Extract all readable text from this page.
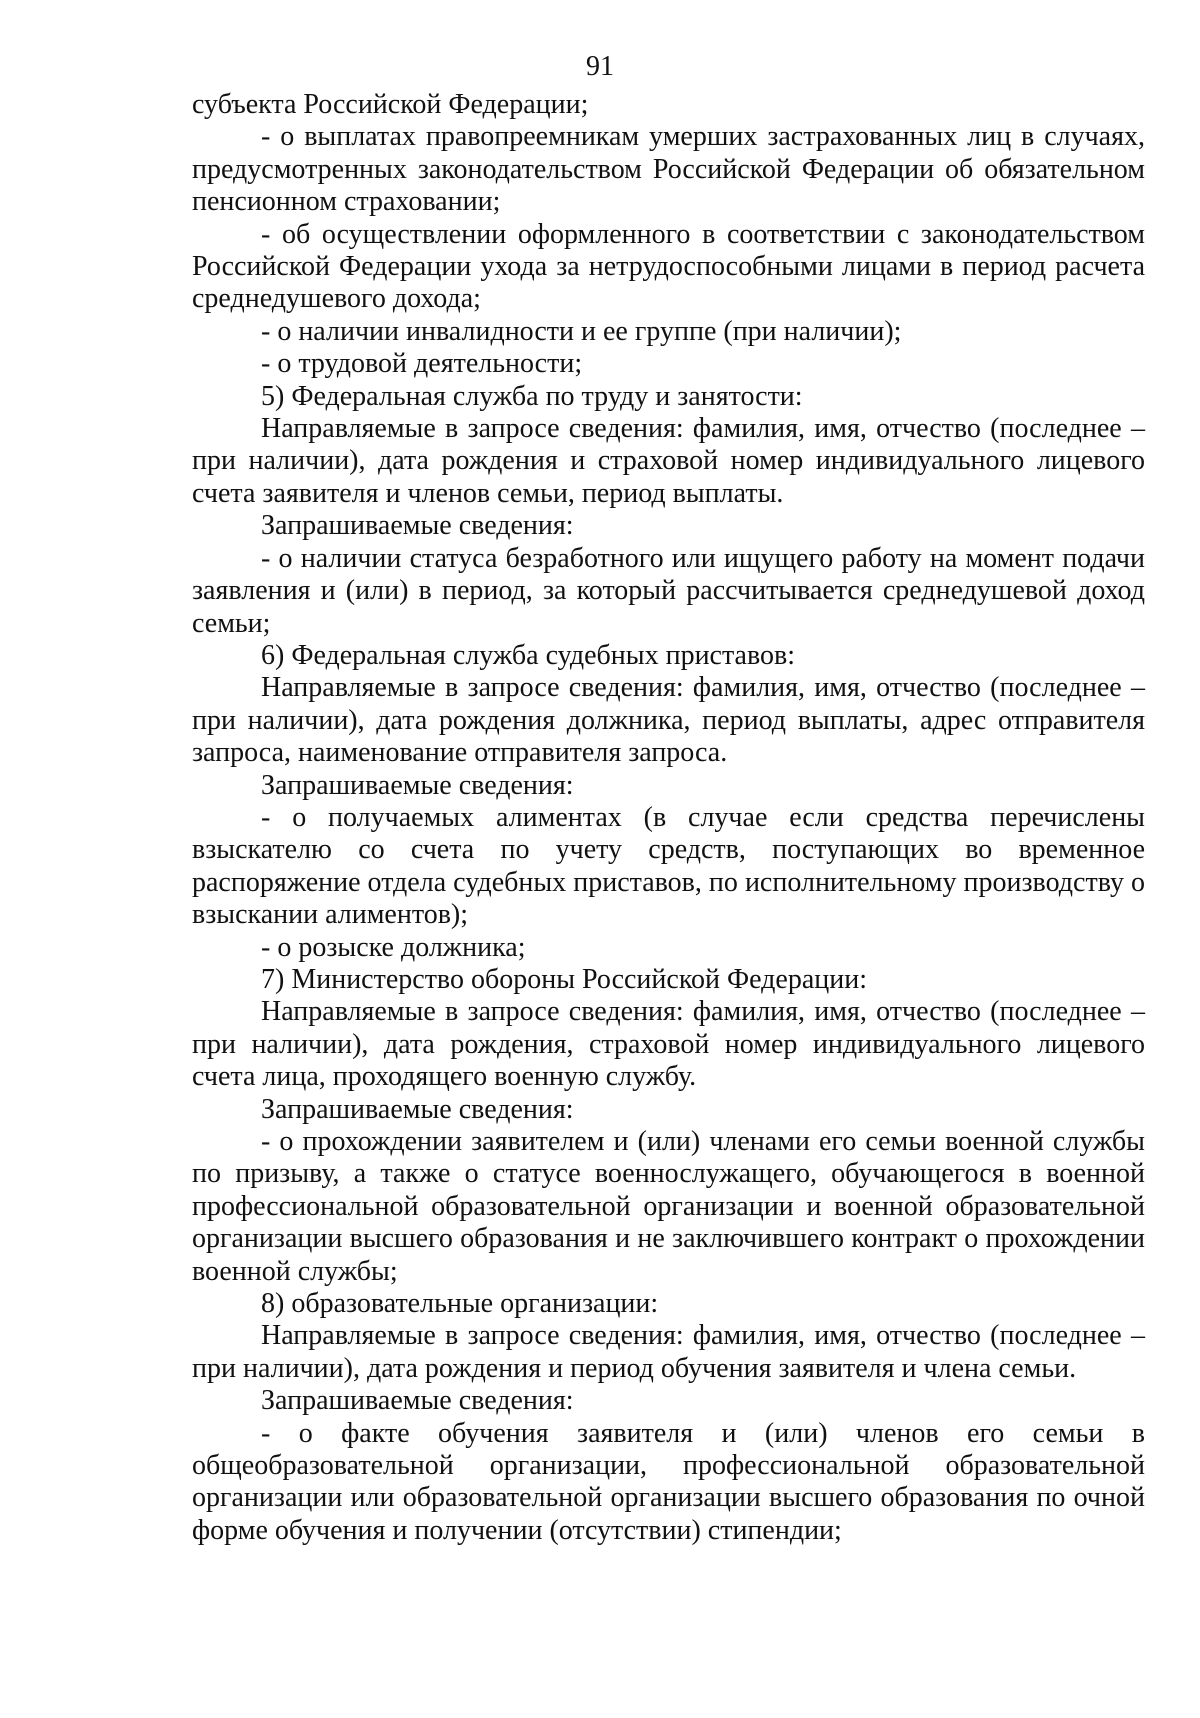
91

субъекта Российской Федерации;

- о выплатах правопреемникам умерших застрахованных лиц в случаях, предусмотренных законодательством Российской Федерации об обязательном пенсионном страховании;

- об осуществлении оформленного в соответствии с законодательством Российской Федерации ухода за нетрудоспособными лицами в период расчета среднедушевого дохода;

- о наличии инвалидности и ее группе (при наличии);

- о трудовой деятельности;

5) Федеральная служба по труду и занятости:

Направляемые в запросе сведения: фамилия, имя, отчество (последнее – при наличии), дата рождения и страховой номер индивидуального лицевого счета заявителя и членов семьи, период выплаты.

Запрашиваемые сведения:

- о наличии статуса безработного или ищущего работу на момент подачи заявления и (или) в период, за который рассчитывается среднедушевой доход семьи;

6) Федеральная служба судебных приставов:

Направляемые в запросе сведения: фамилия, имя, отчество (последнее – при наличии), дата рождения должника, период выплаты, адрес отправителя запроса, наименование отправителя запроса.

Запрашиваемые сведения:

- о получаемых алиментах (в случае если средства перечислены взыскателю со счета по учету средств, поступающих во временное распоряжение отдела судебных приставов, по исполнительному производству о взыскании алиментов);

- о розыске должника;

7) Министерство обороны Российской Федерации:

Направляемые в запросе сведения: фамилия, имя, отчество (последнее – при наличии), дата рождения, страховой номер индивидуального лицевого счета лица, проходящего военную службу.

Запрашиваемые сведения:

- о прохождении заявителем и (или) членами его семьи военной службы по призыву, а также о статусе военнослужащего, обучающегося в военной профессиональной образовательной организации и военной образовательной организации высшего образования и не заключившего контракт о прохождении военной службы;

8) образовательные организации:

Направляемые в запросе сведения: фамилия, имя, отчество (последнее – при наличии), дата рождения и период обучения заявителя и члена семьи.

Запрашиваемые сведения:

- о факте обучения заявителя и (или) членов его семьи в общеобразовательной организации, профессиональной образовательной организации или образовательной организации высшего образования по очной форме обучения и получении (отсутствии) стипендии;
